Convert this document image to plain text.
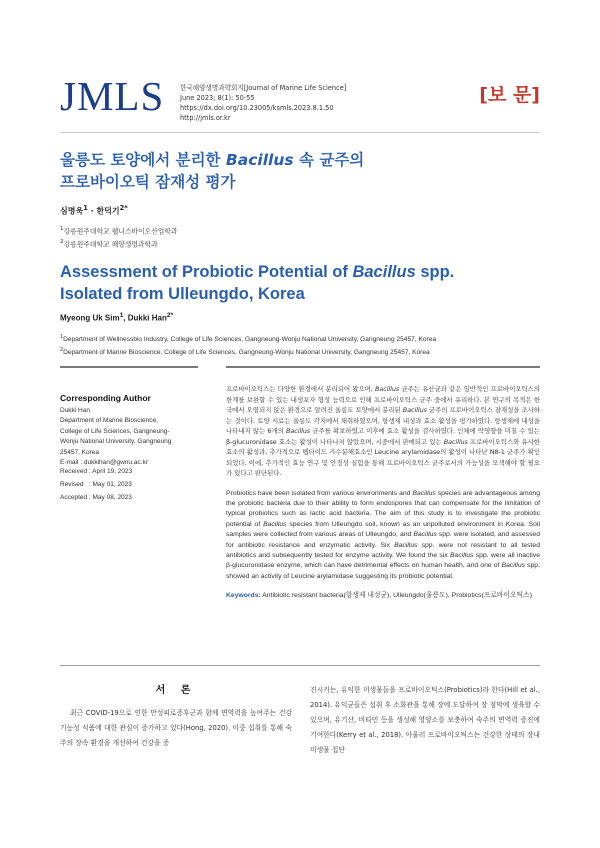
JMLS 한국해양생명과학회지[Journal of Marine Life Science]
June 2023; 8(1): 50-55
https://dx.doi.org/10.23005/ksmls.2023.8.1.50
http://jmls.or.kr
[보 문]
울릉도 토양에서 분리한 Bacillus 속 균주의
프로바이오틱 잠재성 평가
심명욱$^1$ · 한덕기$^{2*}$
$^1$강릉원주대학교 웰니스바이오산업학과
$^2$강릉원주대학교 해양생명과학과
Assessment of Probiotic Potential of Bacillus spp.
Isolated from Ulleungdo, Korea
Myeong Uk Sim$^1$, Dukki Han$^{2*}$
$^1$Department of Wellnessbio Industry, College of Life Sciences, Gangneung-Wonju National University, Gangneung 25457, Korea
$^2$Department of Marine Bioscience, College of Life Sciences, Gangneung-Wonju National University, Gangneung 25457, Korea
Corresponding Author
Dukki Han
Department of Marine Bioscience,
College of Life Sciences, Gangneung-
Wonju National University, Gangneung
25457, Korea
E-mail : dukkihan@gwnu.ac.kr
Received : April 19, 2023
Revised   : May 01, 2023
Accepted : May 08, 2023

프로바이오틱스는 다양한 환경에서 분리되어 왔으며, Bacillus 균주는 유산균과 같은 일반적인 프로바이오틱스의 한계를 보완할 수 있는 내생포자 형성 능력으로 인해 프로바이오틱스 균주 중에서 유리하다. 본 연구의 목적은 한국에서 오염되지 않은 환경으로 알려진 울릉도 토양에서 분리된 Bacillus 균주의 프로바이오틱스 잠재성을 조사하는 것이다. 토양 시료는 울릉도 각지에서 채취하였으며, 항생제 내성과 효소 활성을 평가하였다. 항생제에 내성을 나타내지 않는 6개의 Bacillus 균주를 확보하였고 이후에 효소 활성을 검사하였다. 인체에 악영향을 미칠 수 있는 β-glucuronidase 효소는 활성이 나타나지 않았으며, 시중에서 판매되고 있는 Bacillus 프로바이오틱스와 유사한 효소의 활성과, 추가적으로 펩타이드 가수분해효소인 Leucine arylamidase의 활성이 나타난 N8-1 균주가 확인되었다. 이에, 추가적인 효능 연구 및 안정성 실험을 통해 프로바이오틱스 균주로서의 가능성을 모색해야 할 필요가 있다고 판단된다.

Probiotics have been isolated from various environments and Bacillus species are advantageous among the probiotic bacteria due to their ability to form endospores that can compensate for the limitation of typical probiotics such as lactic acid bacteria. The aim of this study is to investigate the probiotic potential of Bacillus species from Ulleungdo soil, known as an unpolluted environment in Korea. Soil samples were collected from various areas of Ulleungdo, and Bacillus spp. were isolated, and assessed for antibiotic resistance and enzymatic activity. Six Bacillus spp. were not resistant to all tested antibiotics and subsequently tested for enzyme activity. We found the six Bacillus spp. were all inactive β-glucuronidase enzyme, which can have detrimental effects on human health, and one of Bacillus spp. showed an activity of Leucine arylamidase suggesting its probiotic potential.

Keywords: Antibiotic resistant bacteria(항생제 내성균), Ulleungdo(울릉도), Probiotics(프로바이오틱스)

서 론

최근 COVID-19으로 인한 만성피로증후군과 함께 면역력을 높여주는 건강 기능성 식품에 대한 관심이 증가하고 있다(Hong, 2020). 이중 섭취를 통해 숙주의 장속 환경을 개선하여 건강을 증

진시키는, 유익한 미생물들을 프로바이오틱스(Probiotics)라 한다(Hill et al., 2014). 유익균들은 섭취 후 소화관을 통해 장에 도달하여 장 점막에 생육할 수 있으며, 유기산, 비타민 등을 생성해 영양소를 보충하여 숙주의 면역력 증진에 기여한다(Kerry et al., 2018). 아울러 프로바이오틱스는 건강한 상태의 장내 미생물 집단
